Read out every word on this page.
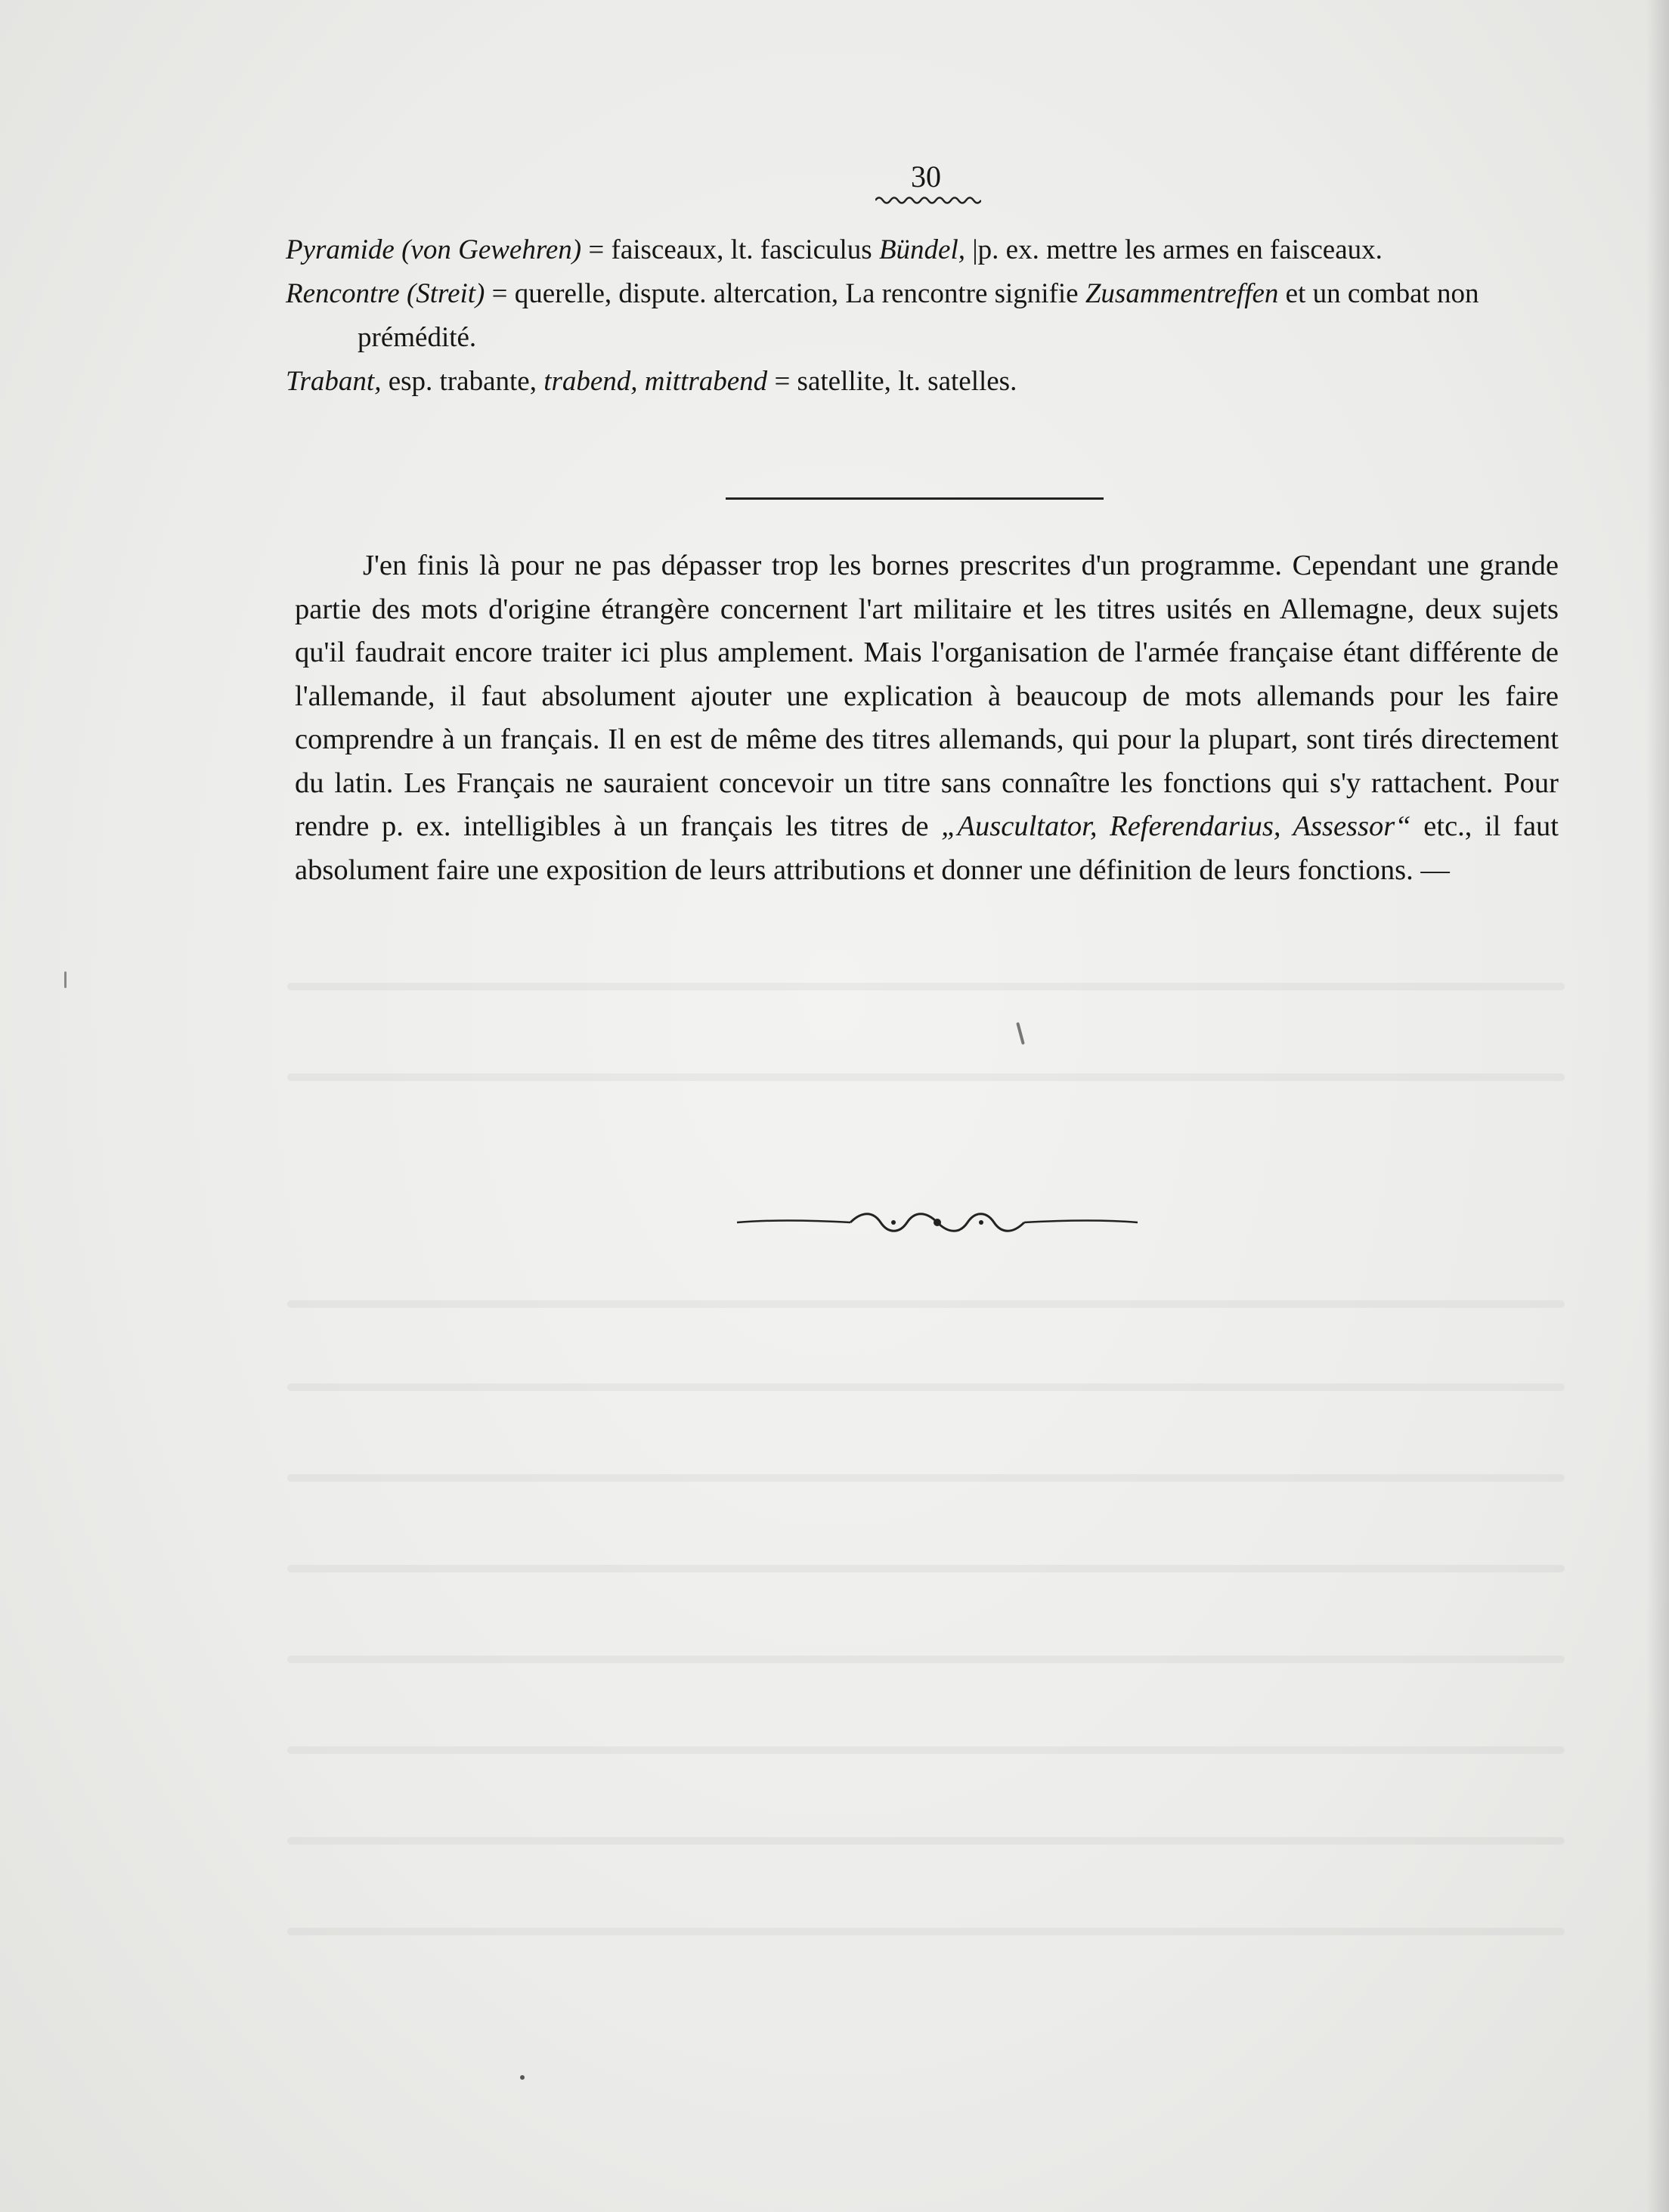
30

Pyramide (von Gewehren) = faisceaux, lt. fasciculus Bündel, |p. ex. mettre les armes en faisceaux.

Rencontre (Streit) = querelle, dispute. altercation, La rencontre signifie Zusammentreffen et un combat non prémédité.

Trabant, esp. trabante, trabend, mittrabend = satellite, lt. satelles.

J'en finis là pour ne pas dépasser trop les bornes prescrites d'un programme. Cependant une grande partie des mots d'origine étrangère concernent l'art militaire et les titres usités en Allemagne, deux sujets qu'il faudrait encore traiter ici plus amplement. Mais l'organisation de l'armée française étant différente de l'allemande, il faut absolument ajouter une explication à beaucoup de mots allemands pour les faire comprendre à un français. Il en est de même des titres allemands, qui pour la plupart, sont tirés directement du latin. Les Français ne sauraient concevoir un titre sans connaître les fonctions qui s'y rattachent. Pour rendre p. ex. intelligibles à un français les titres de „Auscultator, Referendarius, Assessor“ etc., il faut absolument faire une exposition de leurs attributions et donner une définition de leurs fonctions. —
